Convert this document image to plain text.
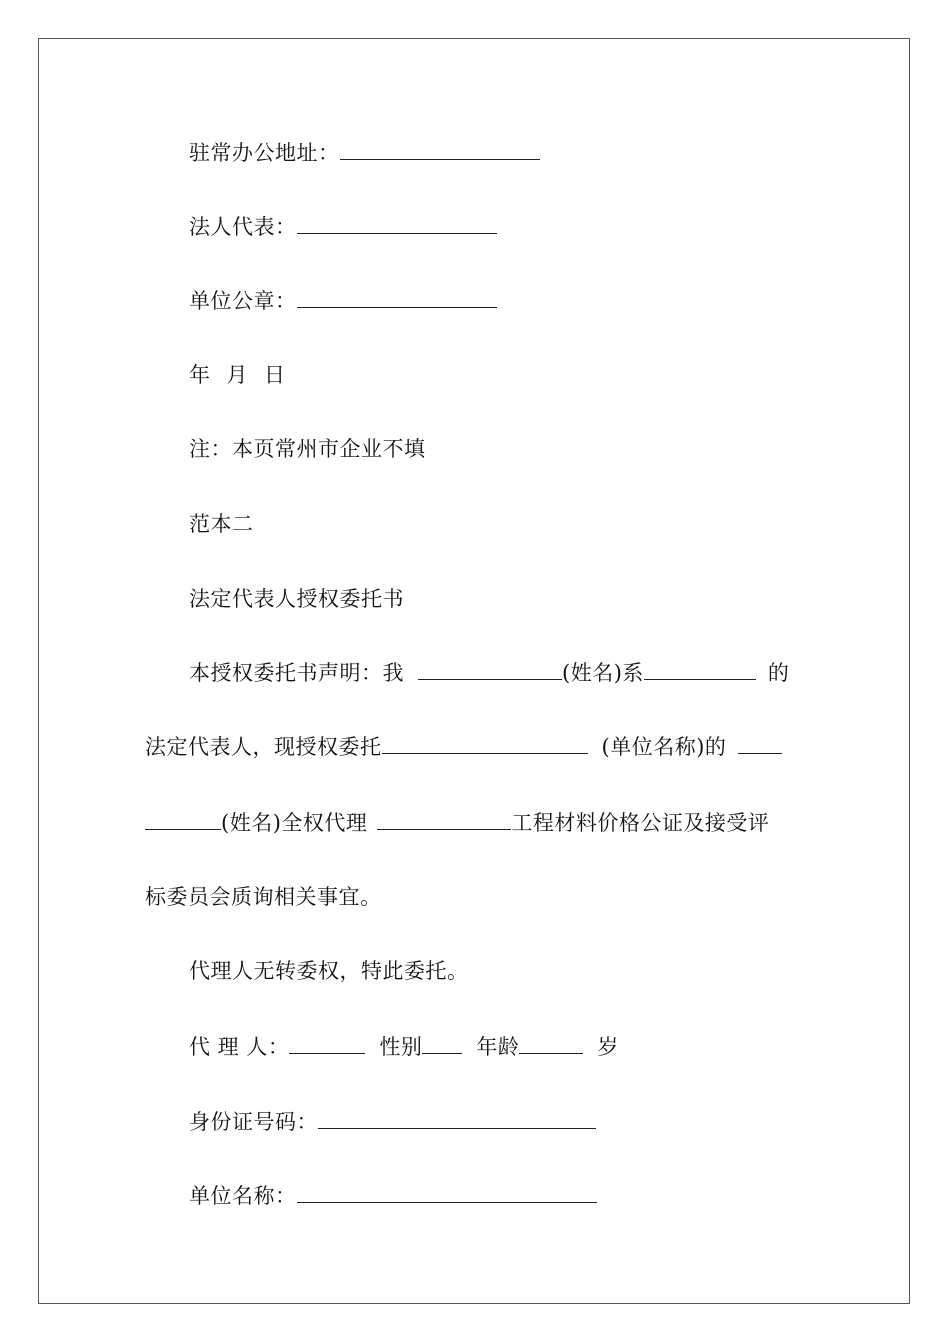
驻常办公地址：
法人代表：
单位公章：
年 月 日
注：本页常州市企业不填
范本二
法定代表人授权委托书
本授权委托书声明：我	(姓名)系	的
法定代表人，现授权委托	(单位名称)的
(姓名)全权代理	工程材料价格公证及接受评
标委员会质询相关事宜。
代理人无转委权，特此委托。
代 理 人：	性别	年龄	岁
身份证号码：
单位名称：
